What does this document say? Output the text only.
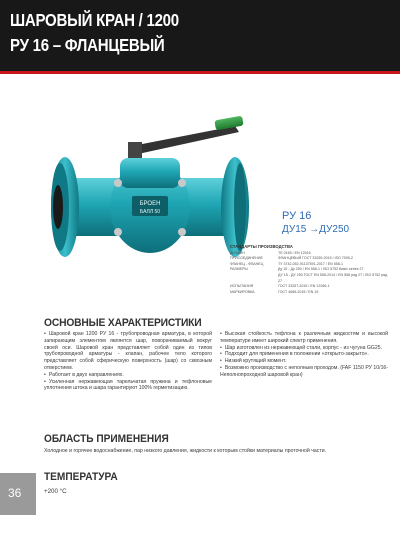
ШАРОВЫЙ КРАН / 1200
РУ 16 – ФЛАНЦЕВЫЙ
БРОЕН
БАЛЛ 50	РУ 16
ДУ15 →ДУ250
СТАНДАРТЫ ПРОИЗВОДСТВА
ДИЗАЙН	ТЕ 0165 / EN 12516
ПРИСОЕДИНЕНИЕ	ФЛАНЦЕВЫЙ ГОСТ 33259-2015 / ISO 7005-2
ФЛАНЕЦ - ФЛАНЕЦ	ТУ 3742-052-91137591-2017 / EN 558-1
РАЗМЕРЫ	Ду 15 - Ду 250 / EN 558-1 / ISO 5752 Basic series 27
ДУ 15 - ДУ 250 ГОСТ ЕN 558-2014 / EN 558 ряд 27 / ISO 5752 ряд 27
ИСПЫТАНИЯ	ГОСТ 33257-2015 / EN 12266-1
МАРКИРОВКА	ГОСТ 4666-2015 / EN 19
ОСНОВНЫЕ ХАРАКТЕРИСТИКИ

• Шаровой кран 1200 РУ 16 - трубопроводная арматура, в которой запирающим элементом является шар, поворачиваемый вокруг своей оси. Шаровой кран представляет собой один из типов трубопроводной арматуры - клапан, рабочее тело которого представляет собой сферическую поверхность (шар) со сквозным отверстием.

• Работает в двух направлениях.

• Усиленная нержавеющая тарельчатая пружина и тефлоновые уплотнения штока и шара гарантируют 100% герметизацию.

• Высокая стойкость тефлона к различным жидкостям и высокой температуре имеет широкий спектр применения.

• Шар изготовлен из нержавеющей стали, корпус - из чугуна GG25.

• Подходит для применения в положении «открыто-закрыто».

• Низкий крутящий момент.

• Возможно производство с неполным проходом. (FAF 1150 РУ 10/16- Неполнопроходной шаровой кран)

ОБЛАСТЬ ПРИМЕНЕНИЯ
Холодное и горячее водоснабжение, пар низкого давления, жидкости к которым стойки материалы проточной части.
ТЕМПЕРАТУРА
+200 °C
36
